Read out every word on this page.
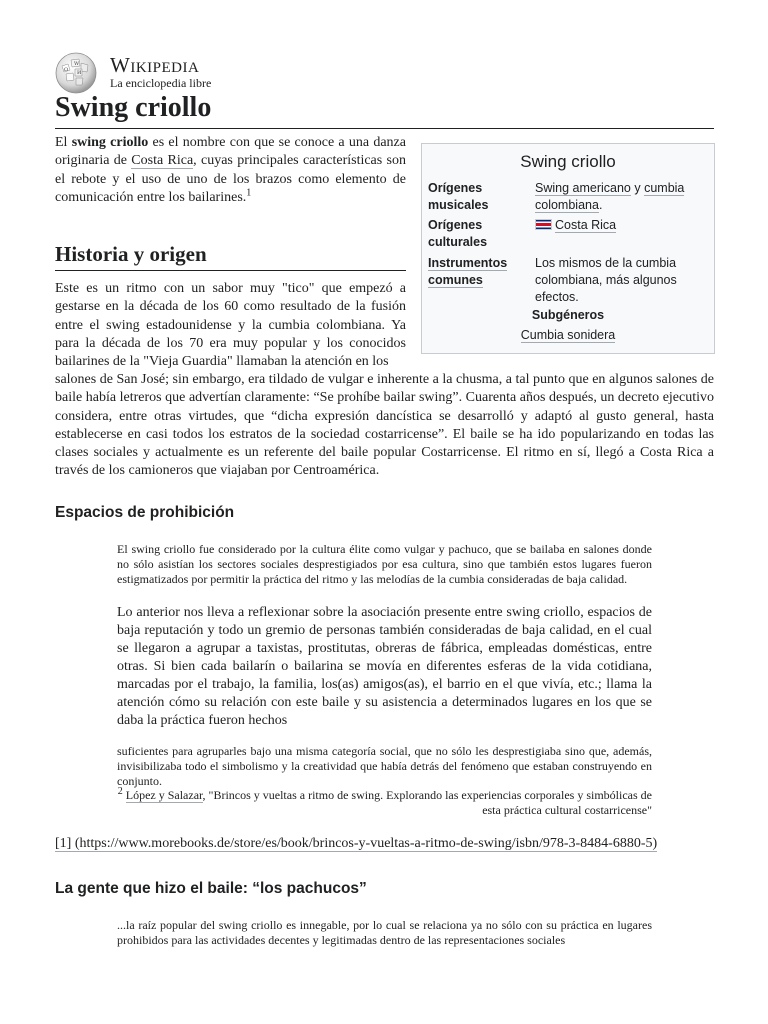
Ω
W
И Wikipedia
La enciclopedia libre
Swing criollo

El swing criollo es el nombre con que se conoce a una danza originaria de Costa Rica, cuyas principales características son el rebote y el uso de uno de los brazos como elemento de comunicación entre los bailarines.$^1$

Swing criollo
Orígenes musicales
Swing americano y cumbia colombiana.
Orígenes culturales
Costa Rica
Instrumentos comunes
Los mismos de la cumbia colombiana, más algunos efectos.
Subgéneros
Cumbia sonidera
Historia y origen

Este es un ritmo con un sabor muy "tico" que empezó a gestarse en la década de los 60 como resultado de la fusión entre el swing estadounidense y la cumbia colombiana. Ya para la década de los 70 era muy popular y los conocidos bailarines de la "Vieja Guardia" llamaban la atención en los

salones de San José; sin embargo, era tildado de vulgar e inherente a la chusma, a tal punto que en algunos salones de baile había letreros que advertían claramente: “Se prohíbe bailar swing”. Cuarenta años después, un decreto ejecutivo considera, entre otras virtudes, que “dicha expresión dancística se desarrolló y adaptó al gusto general, hasta establecerse en casi todos los estratos de la sociedad costarricense”. El baile se ha ido popularizando en todas las clases sociales y actualmente es un referente del baile popular Costarricense. El ritmo en sí, llegó a Costa Rica a través de los camioneros que viajaban por Centroamérica.

Espacios de prohibición

El swing criollo fue considerado por la cultura élite como vulgar y pachuco, que se bailaba en salones donde no sólo asistían los sectores sociales desprestigiados por esa cultura, sino que también estos lugares fueron estigmatizados por permitir la práctica del ritmo y las melodías de la cumbia consideradas de baja calidad.

Lo anterior nos lleva a reflexionar sobre la asociación presente entre swing criollo, espacios de baja reputación y todo un gremio de personas también consideradas de baja calidad, en el cual se llegaron a agrupar a taxistas, prostitutas, obreras de fábrica, empleadas domésticas, entre otras. Si bien cada bailarín o bailarina se movía en diferentes esferas de la vida cotidiana, marcadas por el trabajo, la familia, los(as) amigos(as), el barrio en el que vivía, etc.; llama la atención cómo su relación con este baile y su asistencia a determinados lugares en los que se daba la práctica fueron hechos

suficientes para agruparles bajo una misma categoría social, que no sólo les desprestigiaba sino que, además, invisibilizaba todo el simbolismo y la creatividad que había detrás del fenómeno que estaban construyendo en conjunto.

$^2$ López y Salazar, "Brincos y vueltas a ritmo de swing. Explorando las experiencias corporales y simbólicas de esta práctica cultural costarricense"

[1] (https://www.morebooks.de/store/es/book/brincos-y-vueltas-a-ritmo-de-swing/isbn/978-3-8484-6880-5)
La gente que hizo el baile: “los pachucos”

...la raíz popular del swing criollo es innegable, por lo cual se relaciona ya no sólo con su práctica en lugares prohibidos para las actividades decentes y legitimadas dentro de las representaciones sociales
